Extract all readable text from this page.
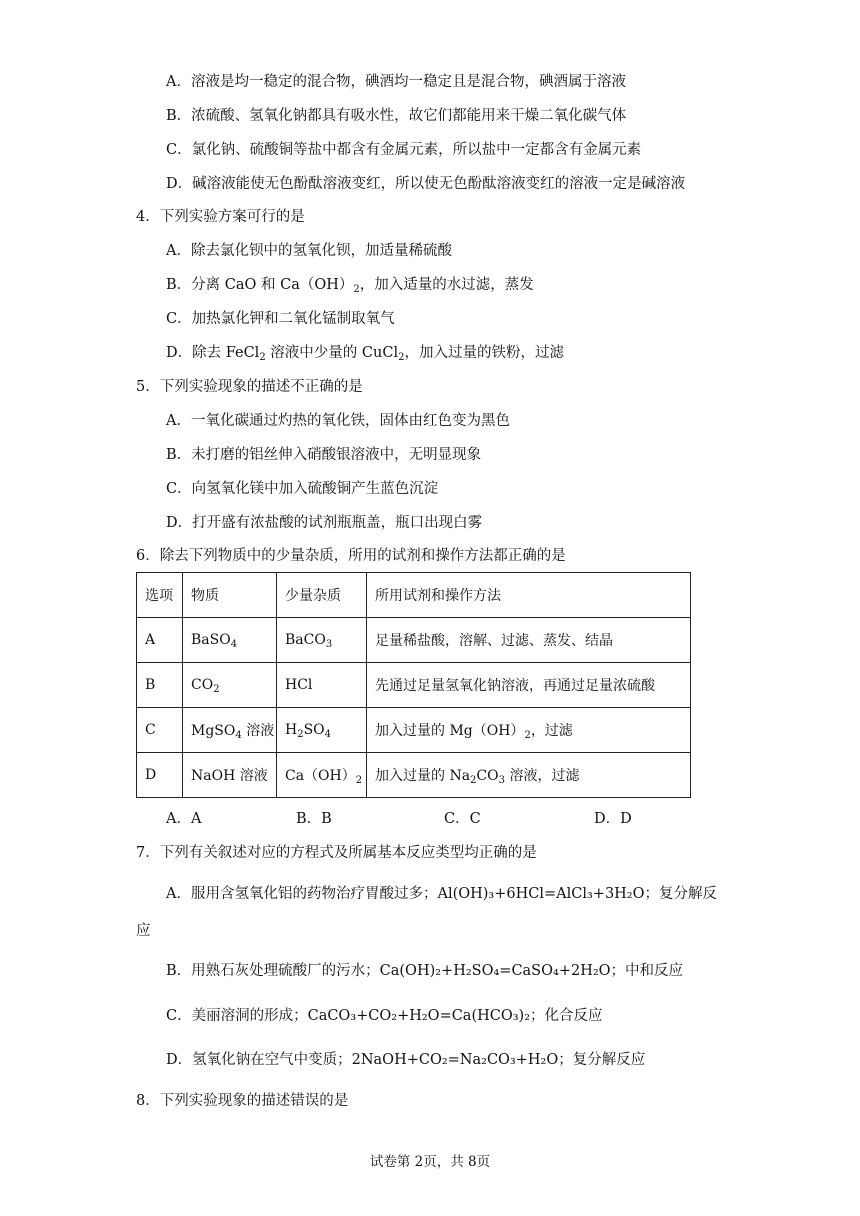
A．溶液是均一稳定的混合物，碘酒均一稳定且是混合物，碘酒属于溶液
B．浓硫酸、氢氧化钠都具有吸水性，故它们都能用来干燥二氧化碳气体
C．氯化钠、硫酸铜等盐中都含有金属元素，所以盐中一定都含有金属元素
D．碱溶液能使无色酚酞溶液变红，所以使无色酚酞溶液变红的溶液一定是碱溶液
4．下列实验方案可行的是
A．除去氯化钡中的氢氧化钡，加适量稀硫酸
B．分离 CaO 和 $Ca(OH)_2$，加入适量的水过滤，蒸发
C．加热氯化钾和二氧化锰制取氧气
D．除去 FeCl$_2$ 溶液中少量的 CuCl$_2$，加入过量的铁粉，过滤
5．下列实验现象的描述不正确的是
A．一氧化碳通过灼热的氧化铁，固体由红色变为黑色
B．未打磨的铝丝伸入硝酸银溶液中，无明显现象
C．向氢氧化镁中加入硫酸铜产生蓝色沉淀
D．打开盛有浓盐酸的试剂瓶瓶盖，瓶口出现白雾
6．除去下列物质中的少量杂质，所用的试剂和操作方法都正确的是
选项	物质	少量杂质	所用试剂和操作方法
A	BaSO$_4$	BaCO$_3$	足量稀盐酸，溶解、过滤、蒸发、结晶
B	$CO_2$	HCl	先通过足量氢氧化钠溶液，再通过足量浓硫酸
C	MgSO$_4$ 溶液	$H_2SO_4$	加入过量的 $Mg(OH)_2$，过滤
D	NaOH 溶液	$Ca(OH)_2$	加入过量的 $Na_2CO_3$ 溶液，过滤
A．A	B．B	C．C	D．D
7．下列有关叙述对应的方程式及所属基本反应类型均正确的是
A．服用含氢氧化铝的药物治疗胃酸过多；Al(OH)₃+6HCl=AlCl₃+3H₂O；复分解反
应
B．用熟石灰处理硫酸厂的污水；Ca(OH)₂+H₂SO₄=CaSO₄+2H₂O；中和反应
C．美丽溶洞的形成；CaCO₃+CO₂+H₂O=Ca(HCO₃)₂；化合反应
D．氢氧化钠在空气中变质；2NaOH+CO₂=Na₂CO₃+H₂O；复分解反应
8．下列实验现象的描述错误的是
试卷第 2页，共 8页
